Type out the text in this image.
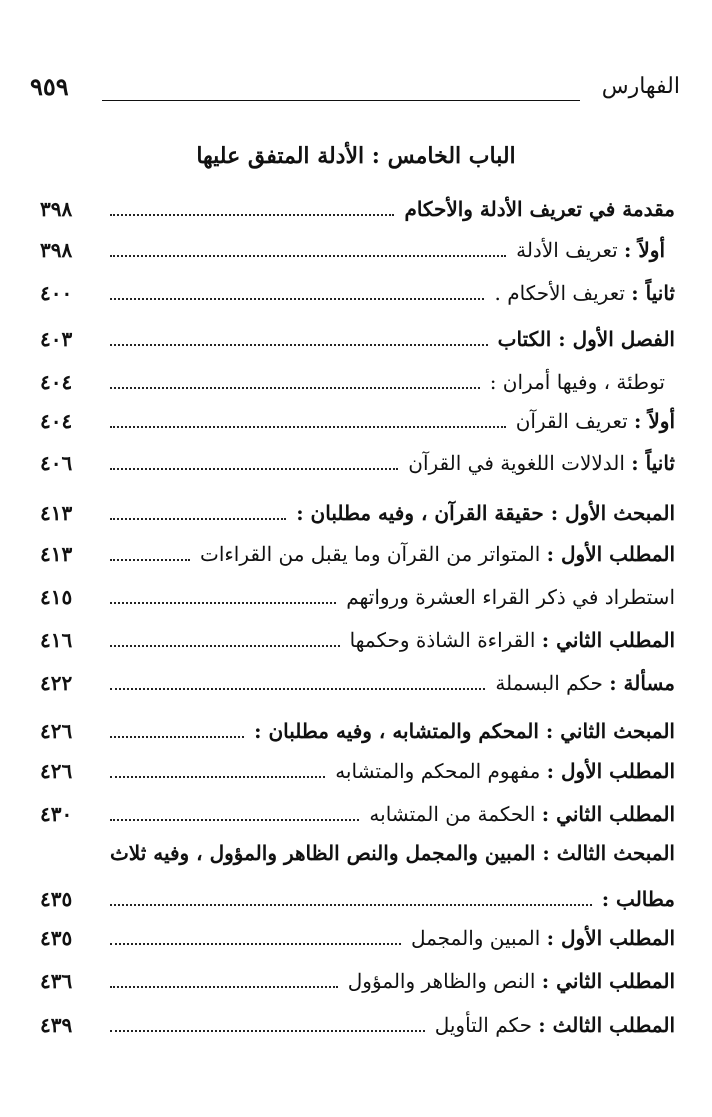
الفهارس
٩٥٩
الباب الخامس : الأدلة المتفق عليها
مقدمة في تعريف الأدلة والأحكام
٣٩٨
أولاً : تعريف الأدلة
٣٩٨
ثانياً : تعريف الأحكام .
٤٠٠
الفصل الأول : الكتاب
٤٠٣
توطئة ، وفيها أمران :
٤٠٤
أولاً : تعريف القرآن
٤٠٤
ثانياً : الدلالات اللغوية في القرآن
٤٠٦
المبحث الأول : حقيقة القرآن ، وفيه مطلبان :
٤١٣
المطلب الأول : المتواتر من القرآن وما يقبل من القراءات
٤١٣
استطراد في ذكر القراء العشرة ورواتهم
٤١٥
المطلب الثاني : القراءة الشاذة وحكمها
٤١٦
مسألة : حكم البسملة
٤٢٢
المبحث الثاني : المحكم والمتشابه ، وفيه مطلبان :
٤٢٦
المطلب الأول : مفهوم المحكم والمتشابه
٤٢٦
المطلب الثاني : الحكمة من المتشابه
٤٣٠
المبحث الثالث : المبين والمجمل والنص الظاهر والمؤول ، وفيه ثلاث
مطالب :
٤٣٥
المطلب الأول : المبين والمجمل
٤٣٥
المطلب الثاني : النص والظاهر والمؤول
٤٣٦
المطلب الثالث : حكم التأويل
٤٣٩
